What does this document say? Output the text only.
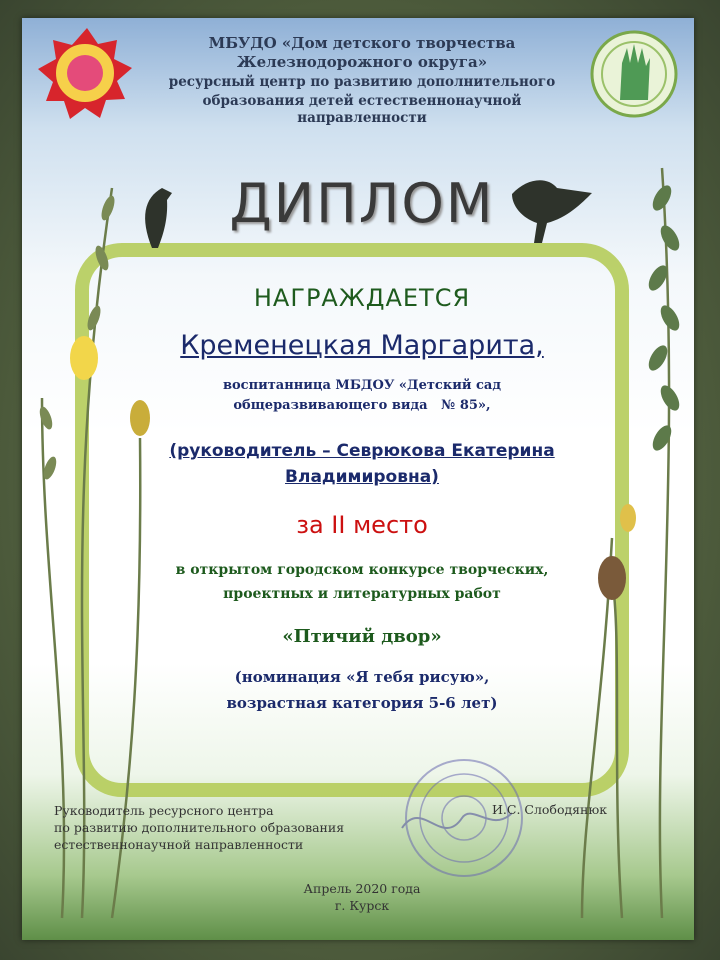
МБУДО «Дом детского творчества
Железнодорожного округа»
ресурсный центр по развитию дополнительного
образования детей естественнонаучной направленности
ДИПЛОМ
НАГРАЖДАЕТСЯ
Кременецкая Маргарита,
воспитанница МБДОУ «Детский сад
общеразвивающего вида   № 85»,
(руководитель – Севрюкова Екатерина
Владимировна)
за II место
в открытом городском конкурсе творческих,
проектных и литературных работ
«Птичий двор»
(номинация «Я тебя рисую»,
возрастная категория 5-6 лет)
Руководитель ресурсного центра
по развитию дополнительного образования
естественнонаучной направленности
И.С. Слободянюк
Апрель 2020 года
г. Курск
